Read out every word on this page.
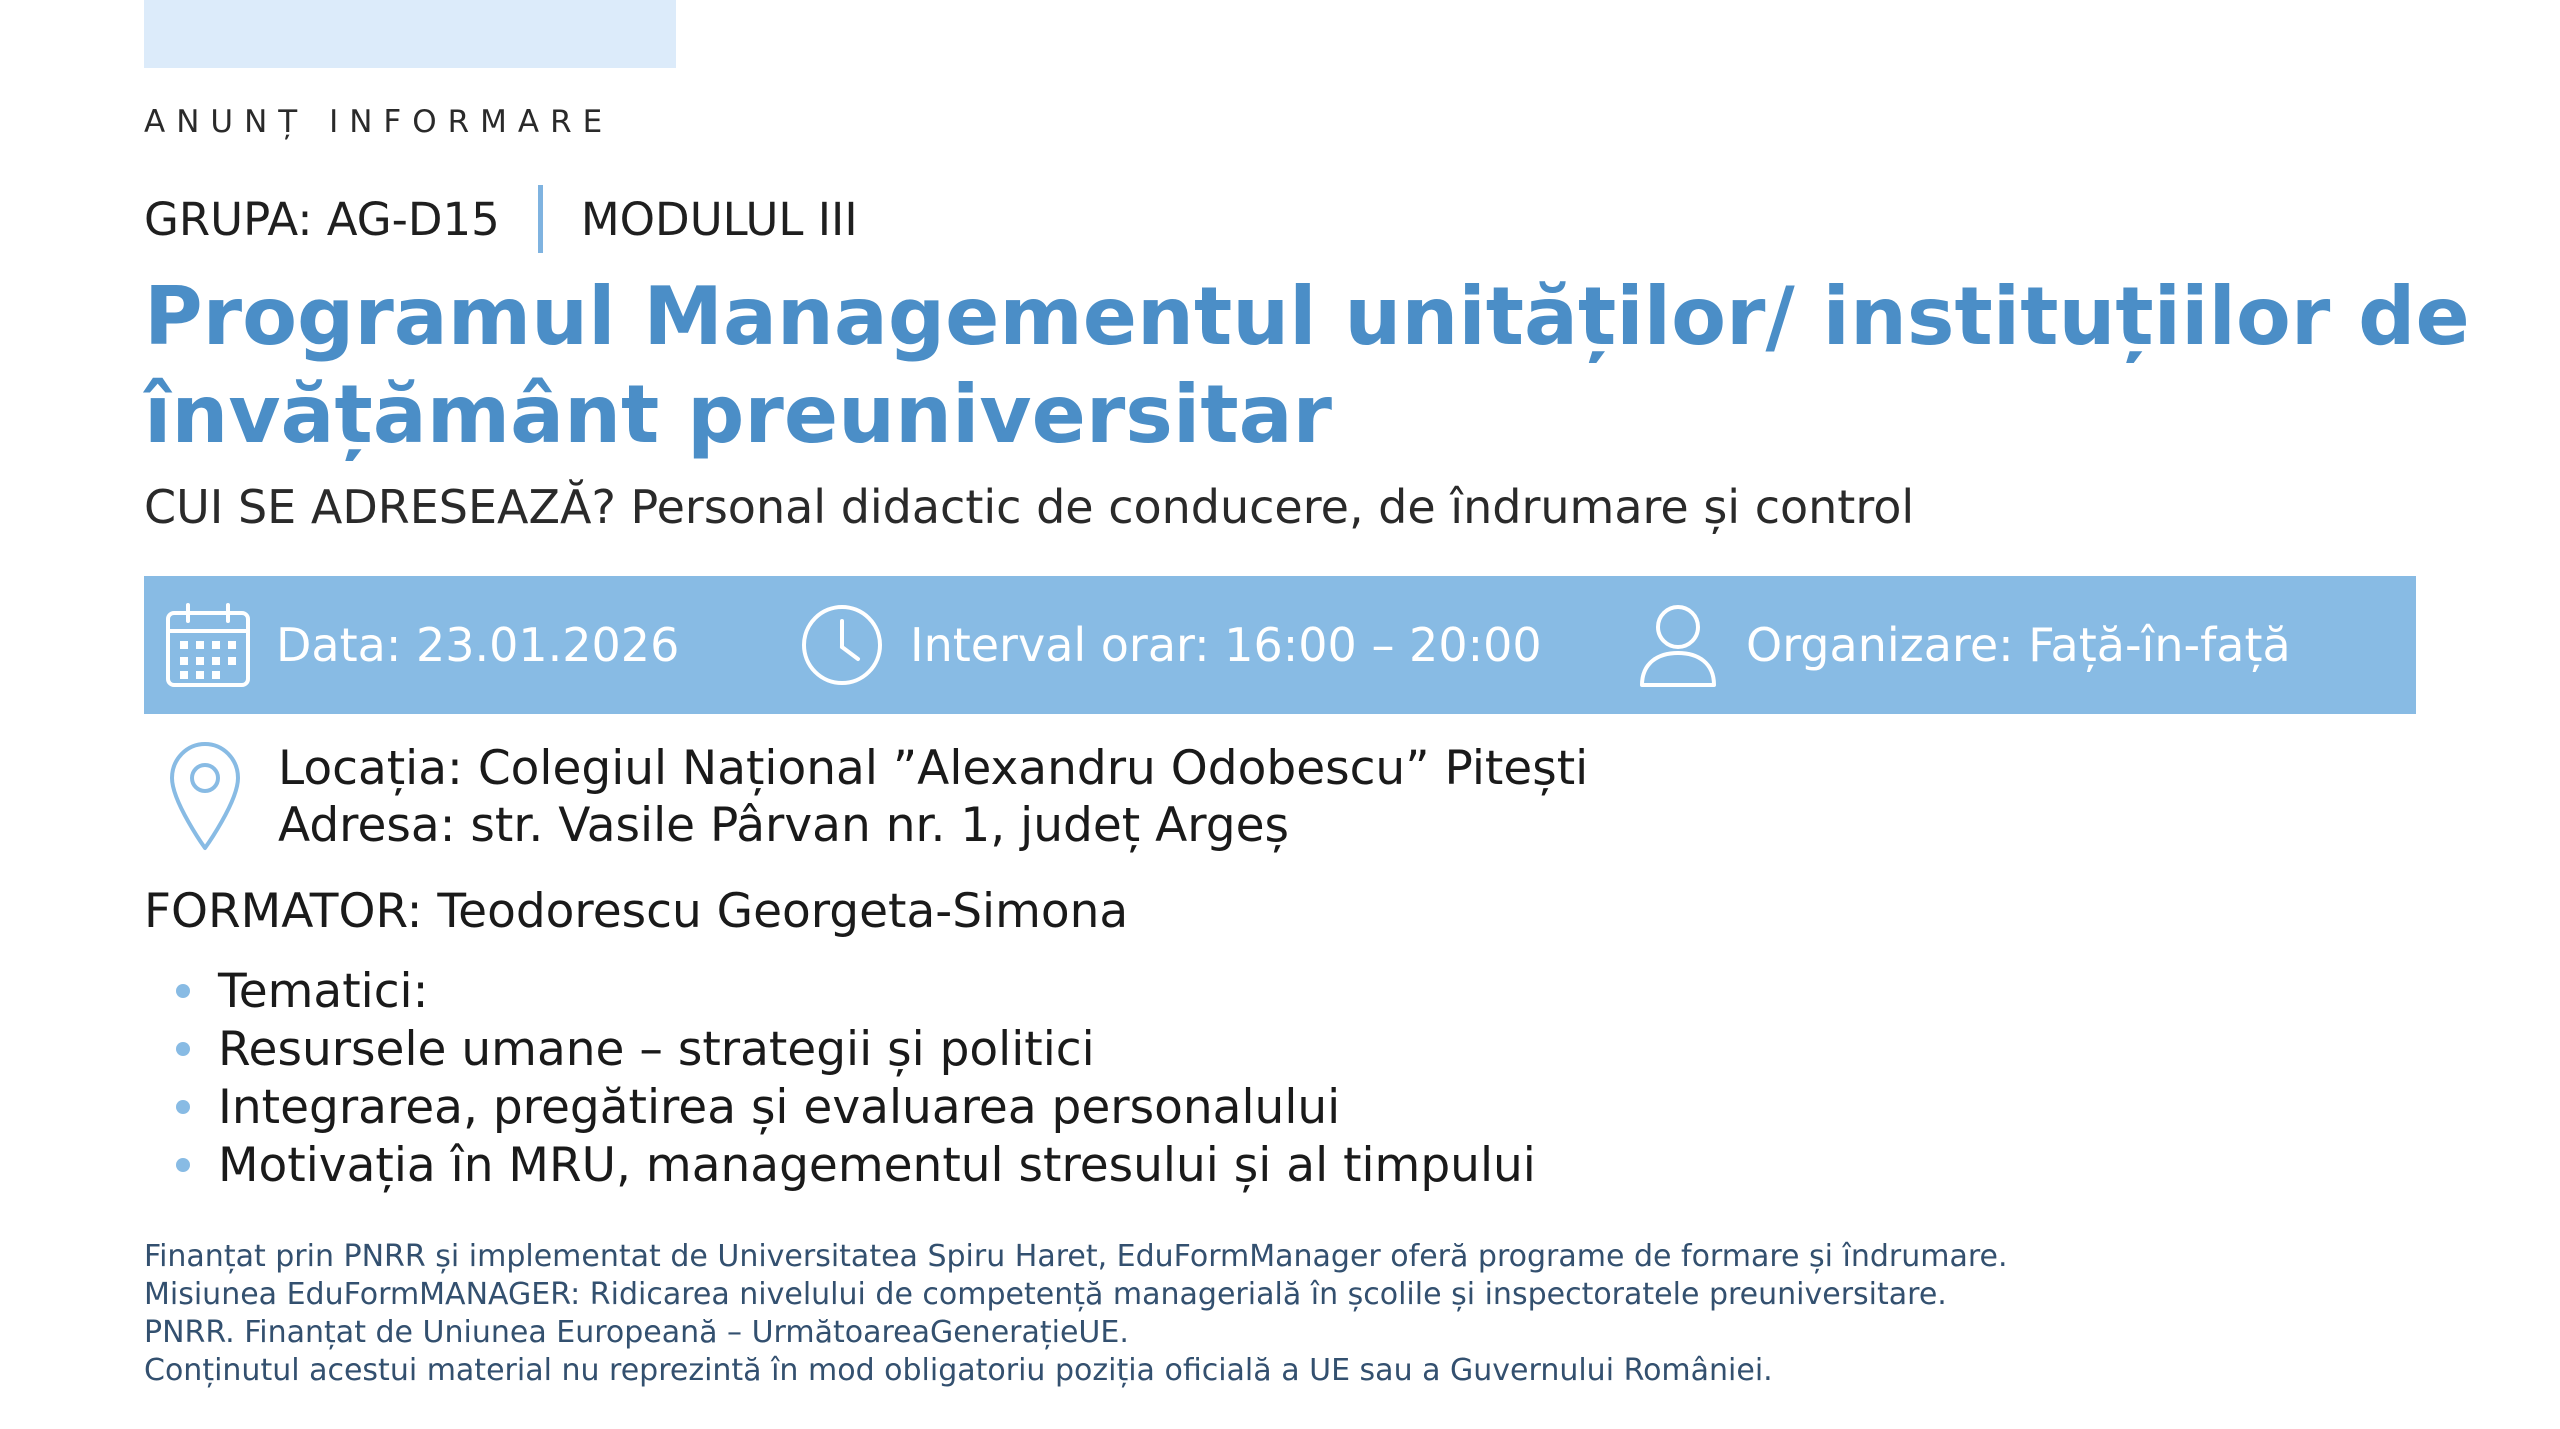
ANUNȚ INFORMARE
GRUPA: AG-D15 MODULUL III
Programul Managementul unităților/ instituțiilor de învățământ preuniversitar
CUI SE ADRESEAZĂ? Personal didactic de conducere, de îndrumare și control
Data: 23.01.2026	Interval orar: 16:00 – 20:00	Organizare: Față-în-față
Locația: Colegiul Național ”Alexandru Odobescu” Pitești
Adresa: str. Vasile Pârvan nr. 1, județ Argeș
FORMATOR: Teodorescu Georgeta-Simona
Tematici:
Resursele umane – strategii și politici
Integrarea, pregătirea și evaluarea personalului
Motivația în MRU, managementul stresului și al timpului
Finanțat prin PNRR și implementat de Universitatea Spiru Haret, EduFormManager oferă programe de formare și îndrumare.
Misiunea EduFormMANAGER: Ridicarea nivelului de competență managerială în școlile și inspectoratele preuniversitare.
PNRR. Finanțat de Uniunea Europeană – UrmătoareaGenerațieUE.
Conținutul acestui material nu reprezintă în mod obligatoriu poziția oficială a UE sau a Guvernului României.
